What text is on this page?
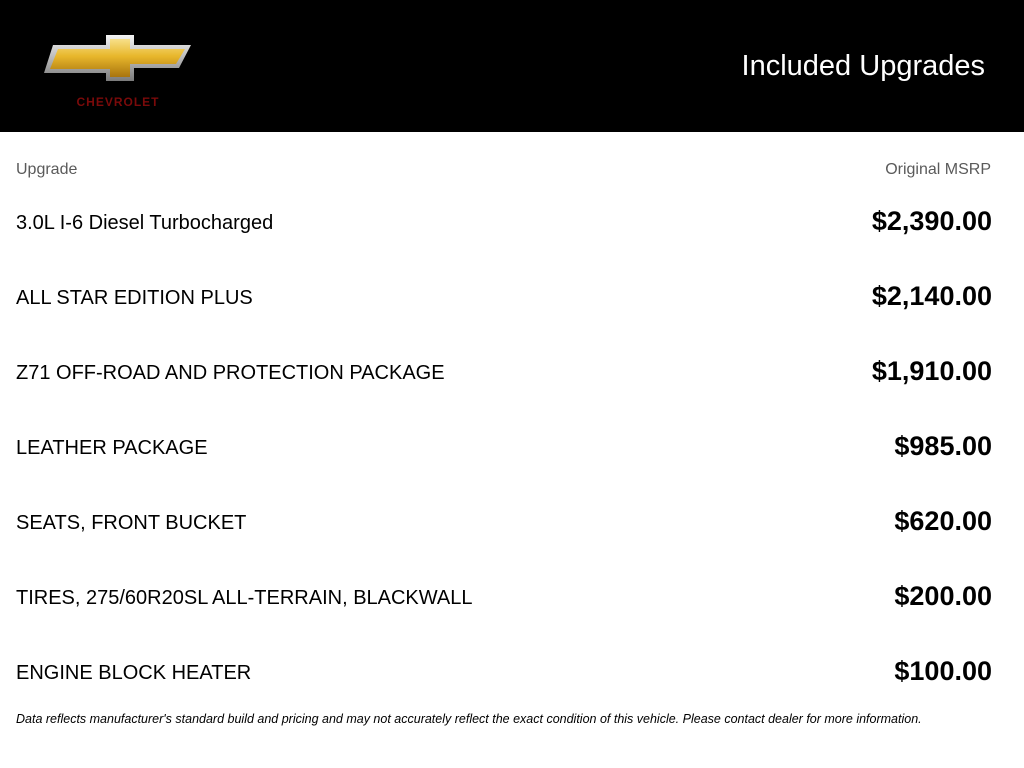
CHEVROLET
Included Upgrades
Upgrade	Original MSRP
3.0L I-6 Diesel Turbocharged	$2,390.00
ALL STAR EDITION PLUS	$2,140.00
Z71 OFF-ROAD AND PROTECTION PACKAGE	$1,910.00
LEATHER PACKAGE	$985.00
SEATS, FRONT BUCKET	$620.00
TIRES, 275/60R20SL ALL-TERRAIN, BLACKWALL	$200.00
ENGINE BLOCK HEATER	$100.00
Data reflects manufacturer's standard build and pricing and may not accurately reflect the exact condition of this vehicle. Please contact dealer for more information.
